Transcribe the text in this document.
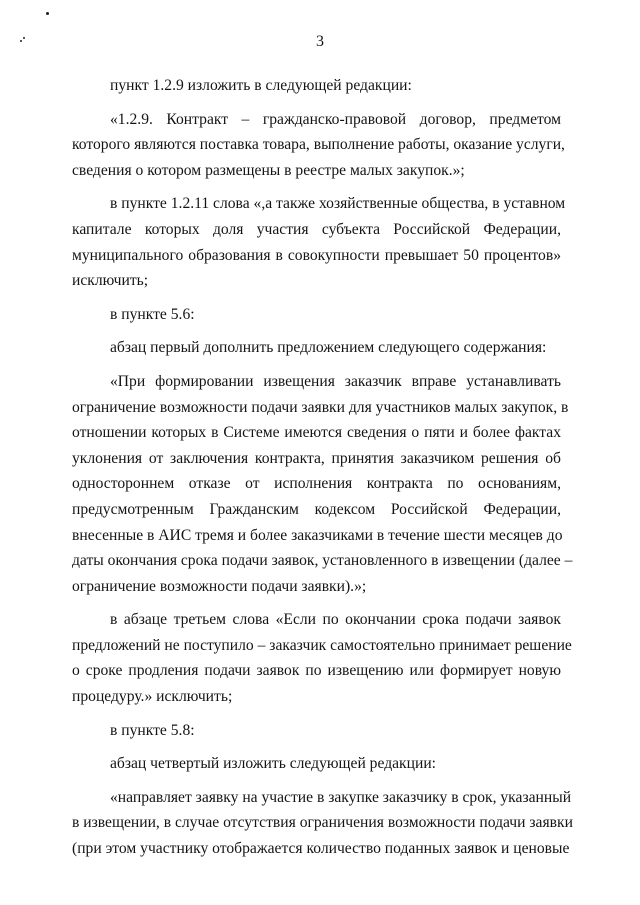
3
пункт 1.2.9 изложить в следующей редакции:
«1.2.9. Контракт – гражданско-правовой договор, предметом
которого являются поставка товара, выполнение работы, оказание услуги,
сведения о котором размещены в реестре малых закупок.»;
в пункте 1.2.11 слова «,а также хозяйственные общества, в уставном
капитале которых доля участия субъекта Российской Федерации,
муниципального образования в совокупности превышает 50 процентов»
исключить;
в пункте 5.6:
абзац первый дополнить предложением следующего содержания:
«При формировании извещения заказчик вправе устанавливать
ограничение возможности подачи заявки для участников малых закупок, в
отношении которых в Системе имеются сведения о пяти и более фактах
уклонения от заключения контракта, принятия заказчиком решения об
одностороннем отказе от исполнения контракта по основаниям,
предусмотренным Гражданским кодексом Российской Федерации,
внесенные в АИС тремя и более заказчиками в течение шести месяцев до
даты окончания срока подачи заявок, установленного в извещении (далее –
ограничение возможности подачи заявки).»;
в абзаце третьем слова «Если по окончании срока подачи заявок
предложений не поступило – заказчик самостоятельно принимает решение
о сроке продления подачи заявок по извещению или формирует новую
процедуру.» исключить;
в пункте 5.8:
абзац четвертый изложить следующей редакции:
«направляет заявку на участие в закупке заказчику в срок, указанный
в извещении, в случае отсутствия ограничения возможности подачи заявки
(при этом участнику отображается количество поданных заявок и ценовые
